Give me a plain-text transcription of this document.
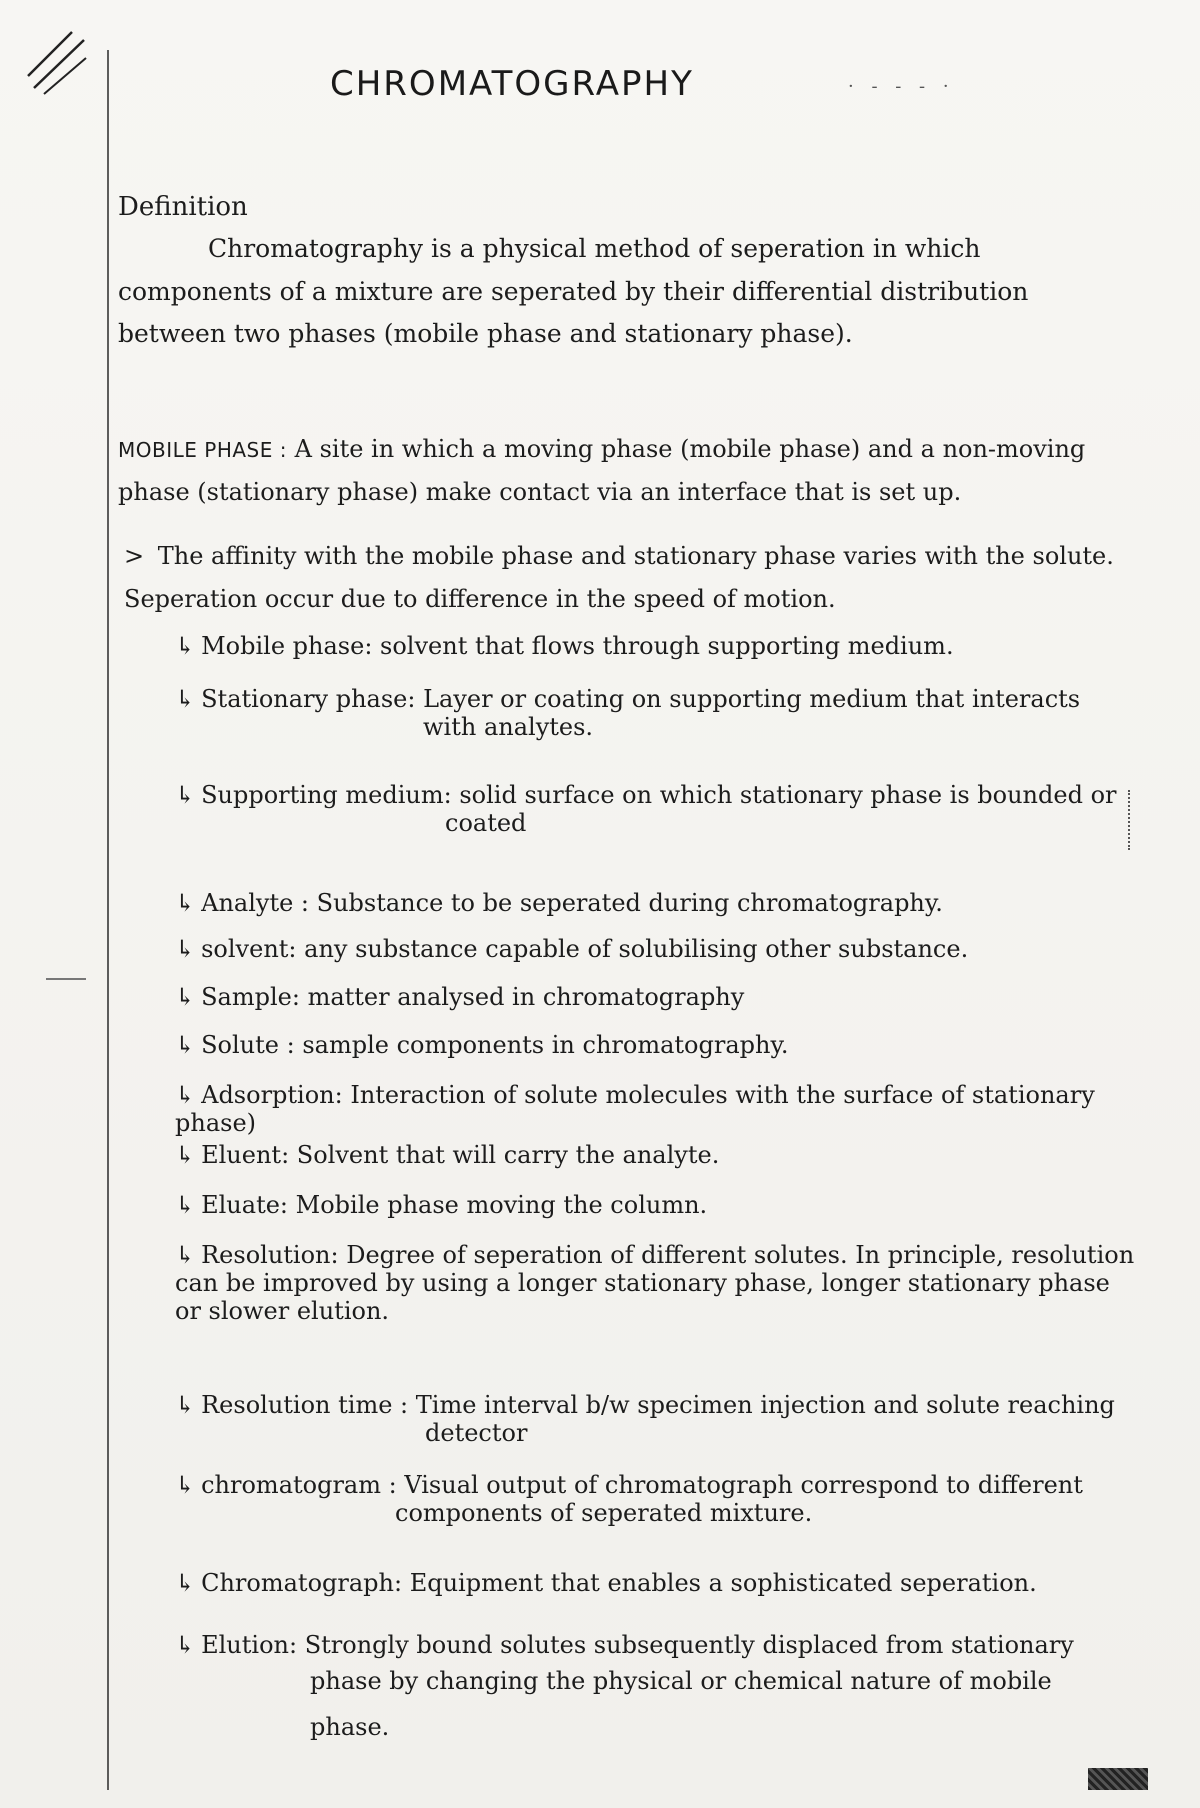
· - - - ·
CHROMATOGRAPHY
Definition
Chromatography is a physical method of seperation in which components of a mixture are seperated by their differential distribution between two phases (mobile phase and stationary phase).
MOBILE PHASE : A site in which a moving phase (mobile phase) and a non-moving phase (stationary phase) make contact via an interface that is set up.
> The affinity with the mobile phase and stationary phase varies with the solute. Seperation occur due to difference in the speed of motion.
↳ Mobile phase: solvent that flows through supporting medium.
↳ Stationary phase: Layer or coating on supporting medium that interacts
with analytes.
↳ Supporting medium: solid surface on which stationary phase is bounded or
coated
↳ Analyte : Substance to be seperated during chromatography.
↳ solvent: any substance capable of solubilising other substance.
↳ Sample: matter analysed in chromatography
↳ Solute : sample components in chromatography.
↳ Adsorption: Interaction of solute molecules with the surface of stationary phase)
↳ Eluent: Solvent that will carry the analyte.
↳ Eluate: Mobile phase moving the column.
↳ Resolution: Degree of seperation of different solutes. In principle, resolution can be improved by using a longer stationary phase, longer stationary phase or slower elution.
↳ Resolution time : Time interval b/w specimen injection and solute reaching
detector
↳ chromatogram : Visual output of chromatograph correspond to different
components of seperated mixture.
↳ Chromatograph: Equipment that enables a sophisticated seperation.
↳ Elution: Strongly bound solutes subsequently displaced from stationary
phase by changing the physical or chemical nature of mobile phase.
